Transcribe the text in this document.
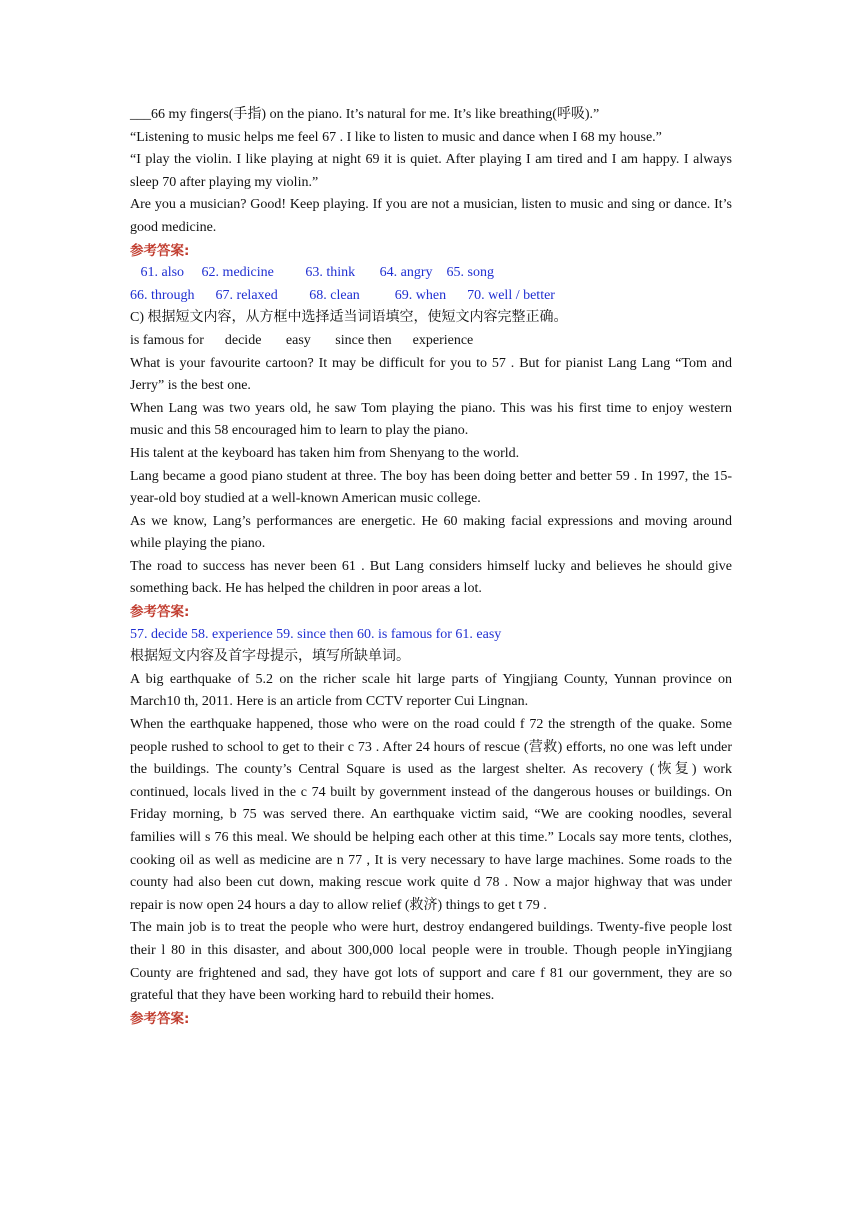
___66 my fingers(手指) on the piano. It’s natural for me. It’s like breathing(呼吸).”

“Listening to music helps me feel 67 . I like to listen to music and dance when I 68 my house.”

“I play the violin. I like playing at night 69 it is quiet. After playing I am tired and I am happy. I always sleep 70 after playing my violin.”

Are you a musician? Good! Keep playing. If you are not a musician, listen to music and sing or dance. It’s good medicine.

参考答案:

61. also     62. medicine         63. think       64. angry    65. song

66. through      67. relaxed         68. clean          69. when      70. well / better

C) 根据短文内容，从方框中选择适当词语填空，使短文内容完整正确。

is famous for      decide       easy       since then      experience

What is your favourite cartoon? It may be difficult for you to 57 . But for pianist Lang Lang “Tom and Jerry” is the best one.

When Lang was two years old, he saw Tom playing the piano. This was his first time to enjoy western music and this 58 encouraged him to learn to play the piano.

His talent at the keyboard has taken him from Shenyang to the world.

Lang became a good piano student at three. The boy has been doing better and better 59 . In 1997, the 15-year-old boy studied at a well-known American music college.

As we know, Lang’s performances are energetic. He 60 making facial expressions and moving around while playing the piano.

The road to success has never been 61 . But Lang considers himself lucky and believes he should give something back. He has helped the children in poor areas a lot.

参考答案:

57. decide 58. experience 59. since then 60. is famous for 61. easy

根据短文内容及首字母提示，填写所缺单词。

A big earthquake of 5.2 on the richer scale hit large parts of Yingjiang County, Yunnan province on March10 th, 2011. Here is an article from CCTV reporter Cui Lingnan.

When the earthquake happened, those who were on the road could f 72 the strength of the quake. Some people rushed to school to get to their c 73 . After 24 hours of rescue (营救) efforts, no one was left under the buildings. The county’s Central Square is used as the largest shelter. As recovery (恢复) work continued, locals lived in the c 74 built by government instead of the dangerous houses or buildings. On Friday morning, b 75 was served there. An earthquake victim said, “We are cooking noodles, several families will s 76 this meal. We should be helping each other at this time.” Locals say more tents, clothes, cooking oil as well as medicine are n 77 , It is very necessary to have large machines. Some roads to the county had also been cut down, making rescue work quite d 78 . Now a major highway that was under repair is now open 24 hours a day to allow relief (救济) things to get t 79 .

The main job is to treat the people who were hurt, destroy endangered buildings. Twenty-five people lost their l 80 in this disaster, and about 300,000 local people were in trouble. Though people inYingjiang County are frightened and sad, they have got lots of support and care f 81 our government, they are so grateful that they have been working hard to rebuild their homes.

参考答案:
